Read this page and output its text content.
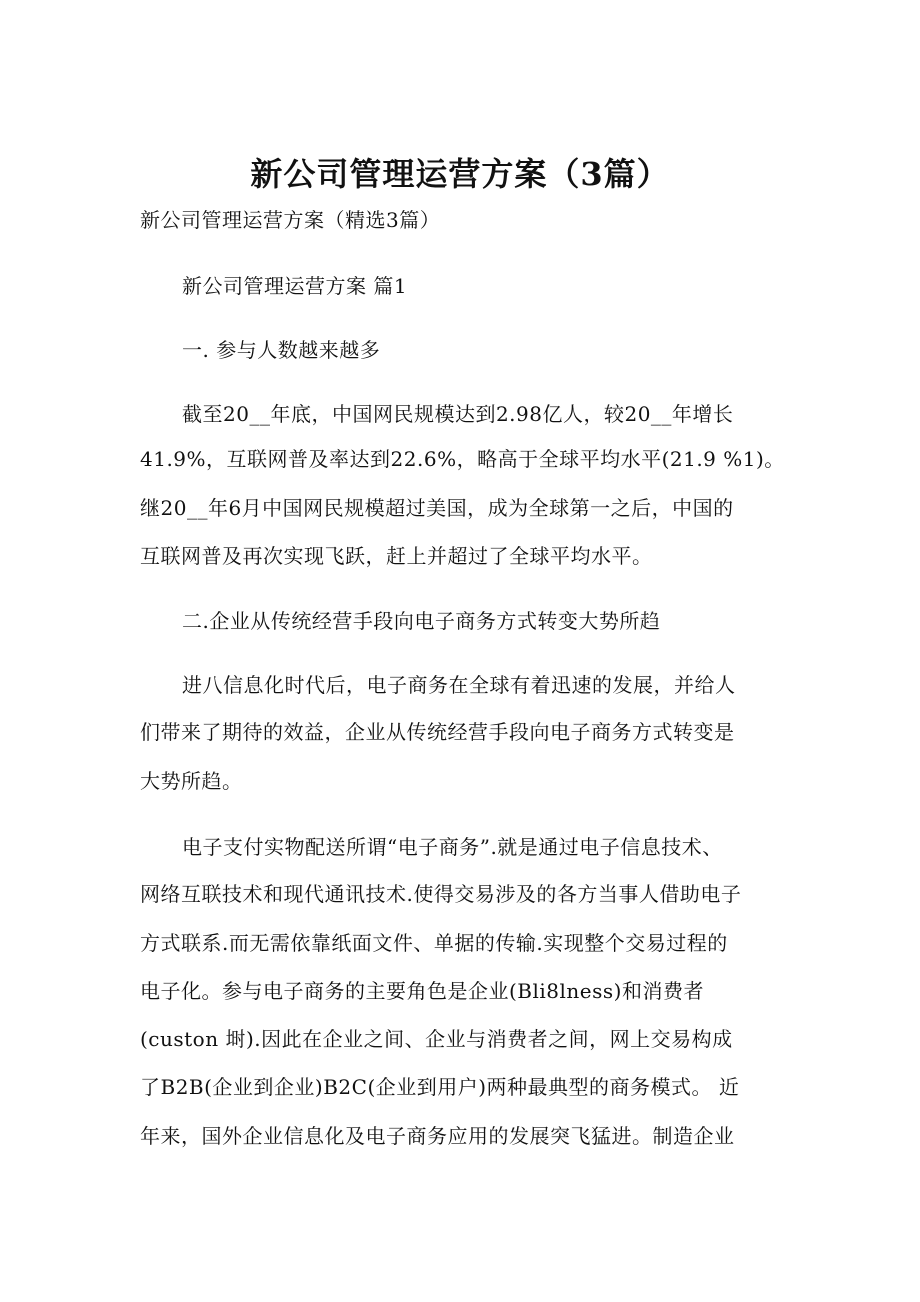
新公司管理运营方案（3篇）
新公司管理运营方案（精选3篇）
新公司管理运营方案 篇1
一. 参与人数越来越多
截至20__年底，中国网民规模达到2.98亿人，较20__年增长
41.9%，互联网普及率达到22.6%，略高于全球平均水平(21.9 %1)。
继20__年6月中国网民规模超过美国，成为全球第一之后，中国的
互联网普及再次实现飞跃，赶上并超过了全球平均水平。
二.企业从传统经营手段向电子商务方式转变大势所趋
进八信息化时代后，电子商务在全球有着迅速的发展，并给人
们带来了期待的效益，企业从传统经营手段向电子商务方式转变是
大势所趋。
电子支付实物配送所谓“电子商务”.就是通过电子信息技术、
网络互联技术和现代通讯技术.使得交易涉及的各方当事人借助电子
方式联系.而无需依靠纸面文件、单据的传输.实现整个交易过程的
电子化。参与电子商务的主要角色是企业(Bli8lness)和消费者
(custon 埘).因此在企业之间、企业与消费者之间，网上交易构成
了B2B(企业到企业)B2C(企业到用户)两种最典型的商务模式。 近
年来，国外企业信息化及电子商务应用的发展突飞猛进。制造企业
